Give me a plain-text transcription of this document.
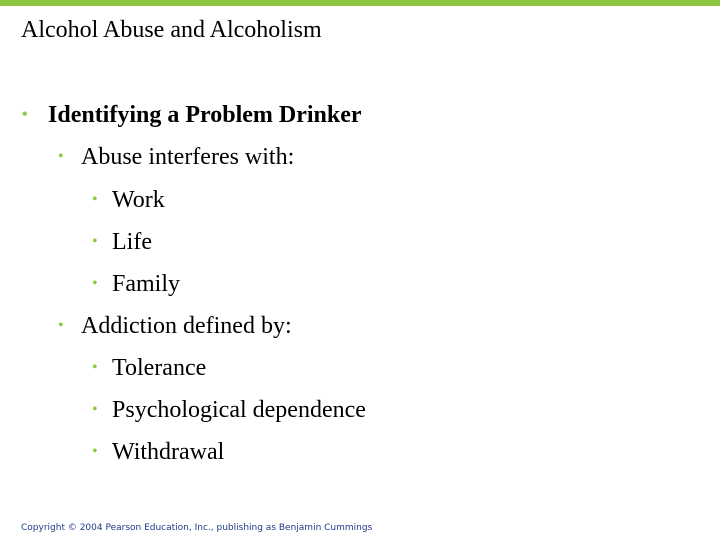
Alcohol Abuse and Alcoholism
• Identifying a Problem Drinker
• Abuse interferes with:
• Work
• Life
• Family
• Addiction defined by:
• Tolerance
• Psychological dependence
• Withdrawal
Copyright © 2004 Pearson Education, Inc., publishing as Benjamin Cummings
